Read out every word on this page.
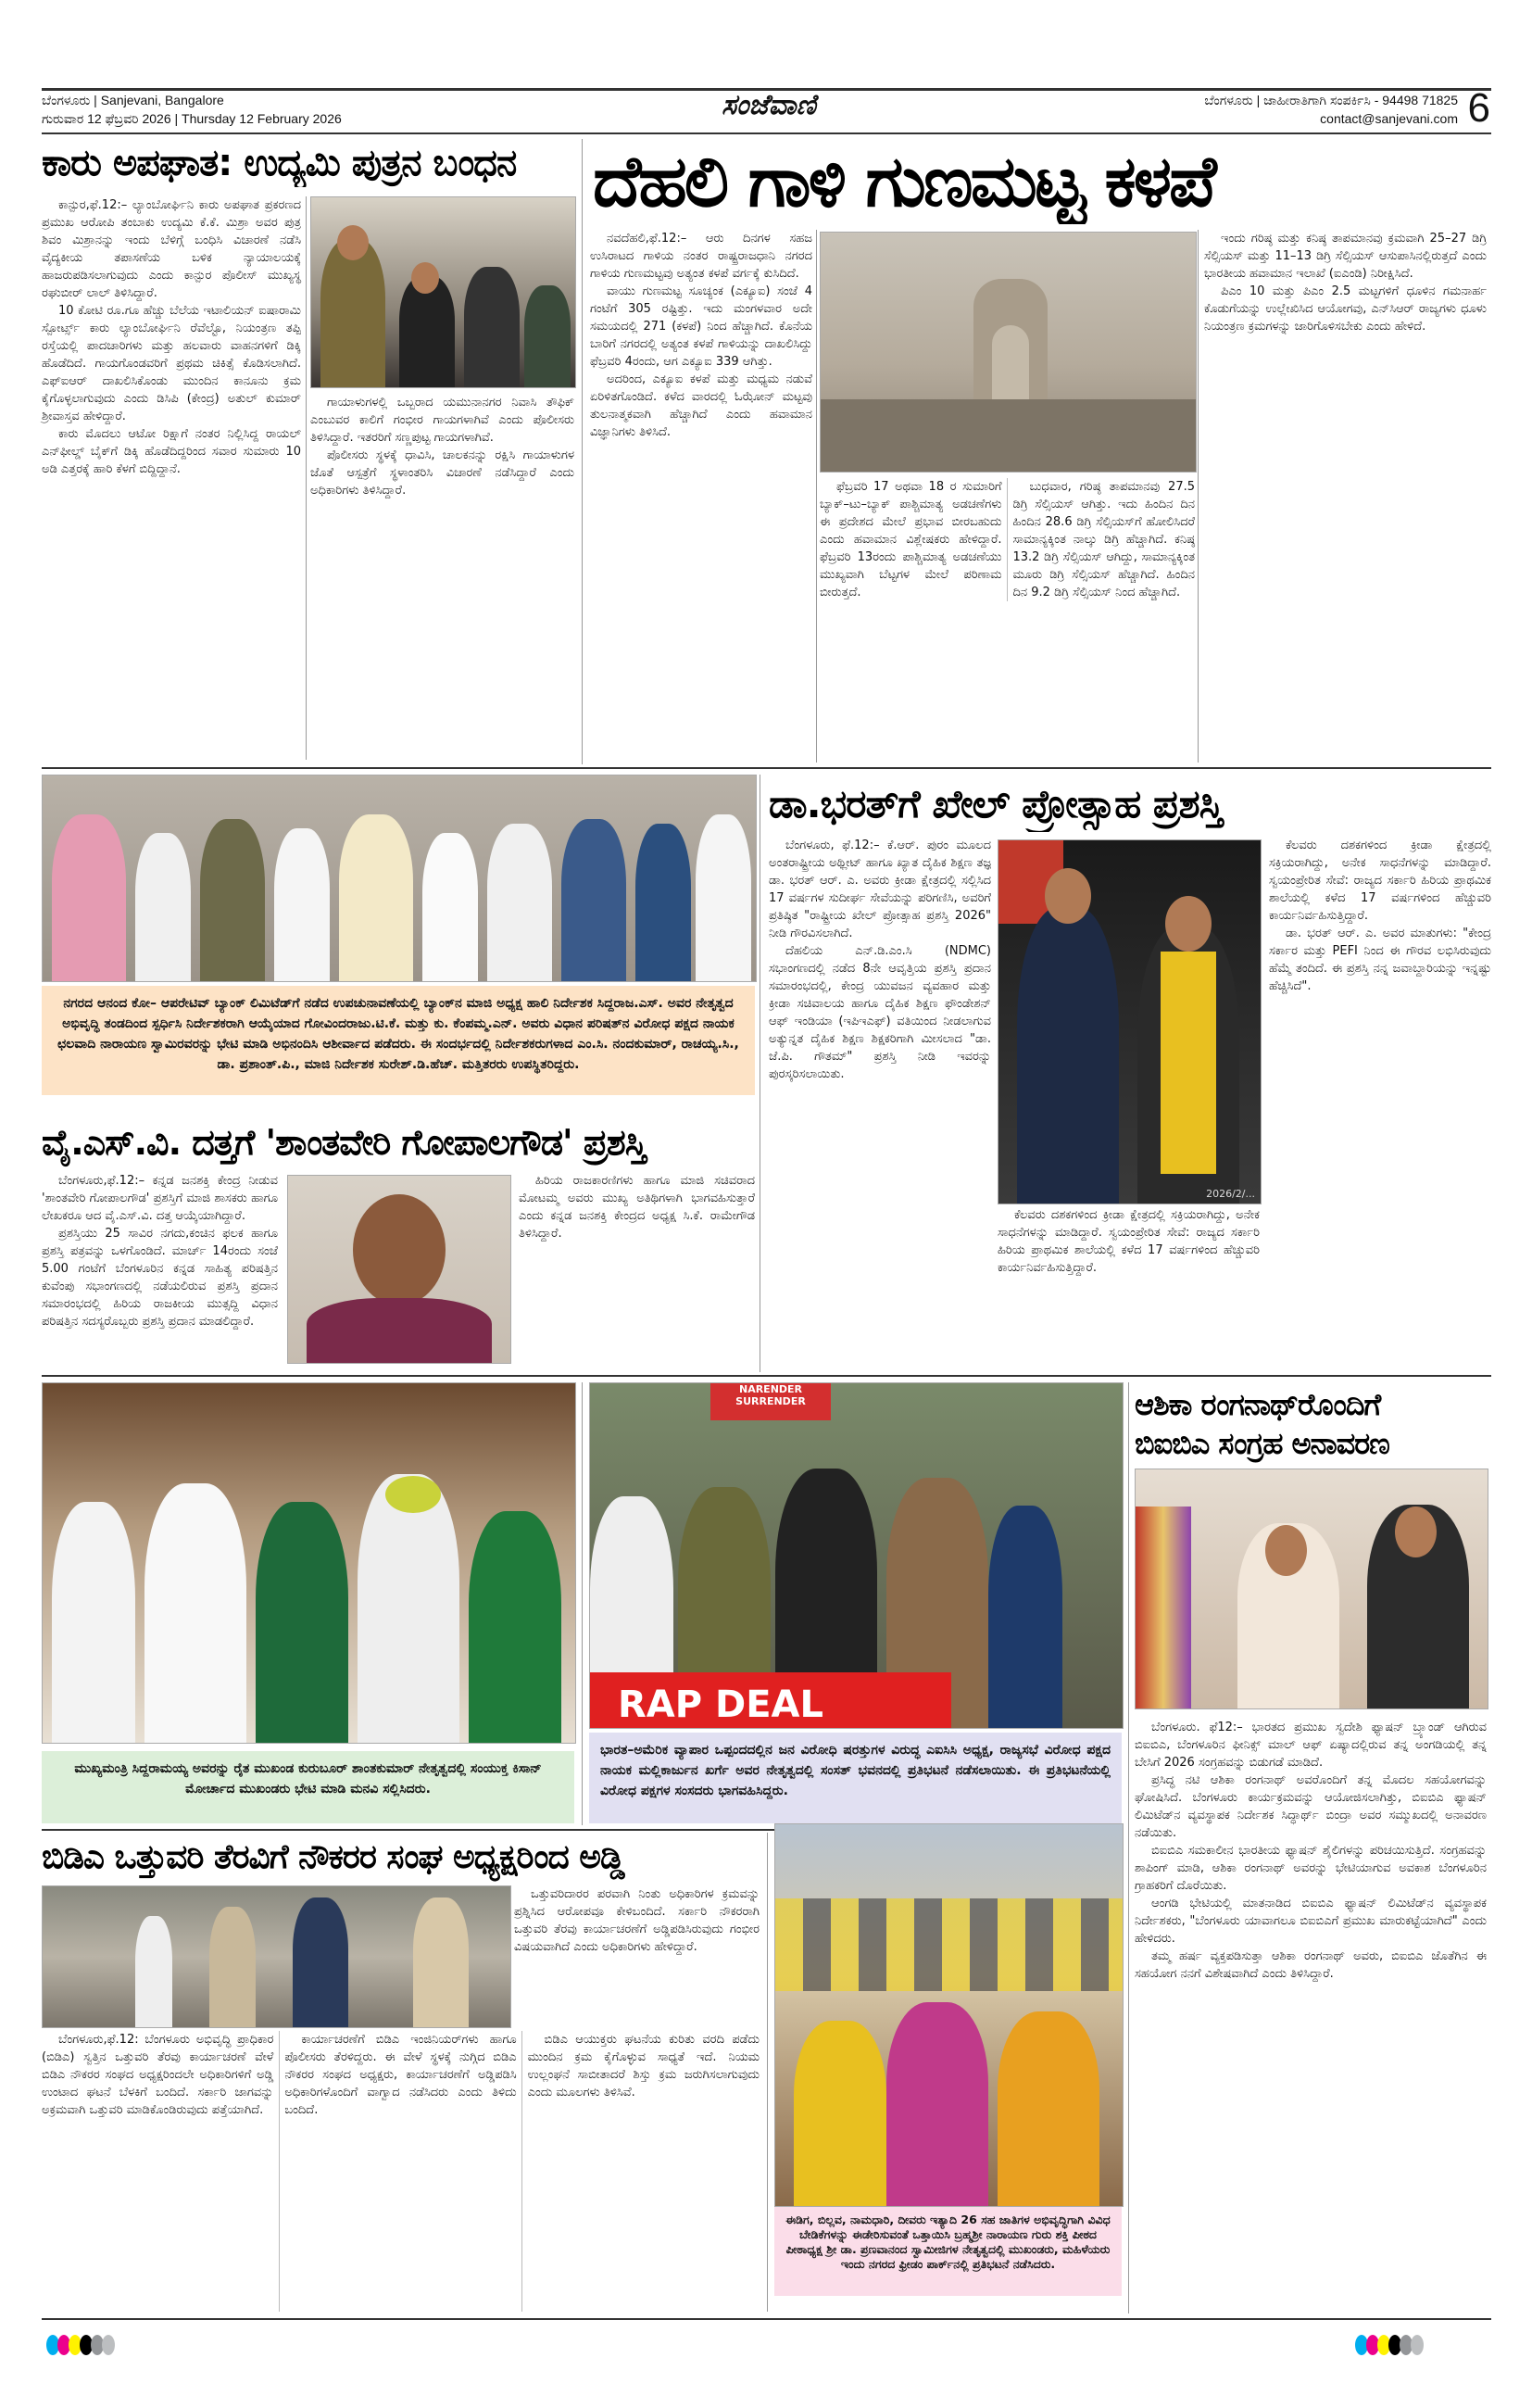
ಬೆಂಗಳೂರು | Sanjevani, Bangalore
ಗುರುವಾರ 12 ಫೆಬ್ರವರಿ 2026 | Thursday 12 February 2026	ಸಂಜೆವಾಣಿ	ಬೆಂಗಳೂರು | ಜಾಹೀರಾತಿಗಾಗಿ ಸಂಪರ್ಕಿಸಿ - 94498 71825
contact@sanjevani.com 6
ಕಾರು ಅಪಘಾತ: ಉದ್ಯಮಿ ಪುತ್ರನ ಬಂಧನ

ಕಾನ್ಪುರ,ಫೆ.12:– ಲ್ಯಾಂಬೋರ್ಘಿನಿ ಕಾರು ಅಪಘಾತ ಪ್ರಕರಣದ ಪ್ರಮುಖ ಆರೋಪಿ ತಂಬಾಕು ಉದ್ಯಮಿ ಕೆ.ಕೆ. ಮಿಶ್ರಾ ಅವರ ಪುತ್ರ ಶಿವಂ ಮಿಶ್ರಾನನ್ನು ಇಂದು ಬೆಳಿಗ್ಗೆ ಬಂಧಿಸಿ ವಿಚಾರಣೆ ನಡೆಸಿ ವೈದ್ಯಕೀಯ ತಪಾಸಣೆಯ ಬಳಿಕ ನ್ಯಾಯಾಲಯಕ್ಕೆ ಹಾಜರುಪಡಿಸಲಾಗುವುದು ಎಂದು ಕಾನ್ಪುರ ಪೊಲೀಸ್ ಮುಖ್ಯಸ್ಥ ರಘುಬೀರ್ ಲಾಲ್ ತಿಳಿಸಿದ್ದಾರೆ.

10 ಕೋಟಿ ರೂ.ಗೂ ಹೆಚ್ಚು ಬೆಲೆಯ ಇಟಾಲಿಯನ್ ಐಷಾರಾಮಿ ಸ್ಪೋರ್ಟ್ಸ್ ಕಾರು ಲ್ಯಾಂಬೋರ್ಘಿನಿ ರೆವೆಲ್ಟೊ, ನಿಯಂತ್ರಣ ತಪ್ಪಿ ರಸ್ತೆಯಲ್ಲಿ ಪಾದಚಾರಿಗಳು ಮತ್ತು ಹಲವಾರು ವಾಹನಗಳಿಗೆ ಡಿಕ್ಕಿ ಹೊಡೆದಿದೆ. ಗಾಯಗೊಂಡವರಿಗೆ ಪ್ರಥಮ ಚಿಕಿತ್ಸೆ ಕೊಡಿಸಲಾಗಿದೆ. ಎಫ್‌ಐಆರ್ ದಾಖಲಿಸಿಕೊಂಡು ಮುಂದಿನ ಕಾನೂನು ಕ್ರಮ ಕೈಗೊಳ್ಳಲಾಗುವುದು ಎಂದು ಡಿಸಿಪಿ (ಕೇಂದ್ರ) ಅತುಲ್ ಕುಮಾರ್ ಶ್ರೀವಾಸ್ತವ ಹೇಳಿದ್ದಾರೆ.

ಕಾರು ಮೊದಲು ಆಟೋ ರಿಕ್ಷಾಗೆ ನಂತರ ನಿಲ್ಲಿಸಿದ್ದ ರಾಯಲ್ ಎನ್‌ಫೀಲ್ಡ್ ಬೈಕ್‌ಗೆ ಡಿಕ್ಕಿ ಹೊಡೆದಿದ್ದರಿಂದ ಸವಾರ ಸುಮಾರು 10 ಅಡಿ ಎತ್ತರಕ್ಕೆ ಹಾರಿ ಕೆಳಗೆ ಬಿದ್ದಿದ್ದಾನೆ.

ಗಾಯಾಳುಗಳಲ್ಲಿ ಒಬ್ಬರಾದ ಯಮುನಾನಗರ ನಿವಾಸಿ ತೌಫಿಕ್ ಎಂಬುವರ ಕಾಲಿಗೆ ಗಂಭೀರ ಗಾಯಗಳಾಗಿವೆ ಎಂದು ಪೊಲೀಸರು ತಿಳಿಸಿದ್ದಾರೆ. ಇತರರಿಗೆ ಸಣ್ಣಪುಟ್ಟ ಗಾಯಗಳಾಗಿವೆ.

ಪೊಲೀಸರು ಸ್ಥಳಕ್ಕೆ ಧಾವಿಸಿ, ಚಾಲಕನನ್ನು ರಕ್ಷಿಸಿ ಗಾಯಾಳುಗಳ ಜೊತೆ ಆಸ್ಪತ್ರೆಗೆ ಸ್ಥಳಾಂತರಿಸಿ ವಿಚಾರಣೆ ನಡೆಸಿದ್ದಾರೆ ಎಂದು ಅಧಿಕಾರಿಗಳು ತಿಳಿಸಿದ್ದಾರೆ.

ದೆಹಲಿ ಗಾಳಿ ಗುಣಮಟ್ಟ ಕಳಪೆ

ನವದೆಹಲಿ,ಫೆ.12:– ಆರು ದಿನಗಳ ಸಹಜ ಉಸಿರಾಟದ ಗಾಳಿಯ ನಂತರ ರಾಷ್ಟ್ರರಾಜಧಾನಿ ನಗರದ ಗಾಳಿಯ ಗುಣಮಟ್ಟವು ಅತ್ಯಂತ ಕಳಪೆ ವರ್ಗಕ್ಕೆ ಕುಸಿದಿದೆ.

ವಾಯು ಗುಣಮಟ್ಟ ಸೂಚ್ಯಂಕ (ಎಕ್ಯೂಐ) ಸಂಜೆ 4 ಗಂಟೆಗೆ 305 ರಷ್ಟಿತ್ತು. ಇದು ಮಂಗಳವಾರ ಅದೇ ಸಮಯದಲ್ಲಿ 271 (ಕಳಪೆ) ನಿಂದ ಹೆಚ್ಚಾಗಿದೆ. ಕೊನೆಯ ಬಾರಿಗೆ ನಗರದಲ್ಲಿ ಅತ್ಯಂತ ಕಳಪೆ ಗಾಳಿಯನ್ನು ದಾಖಲಿಸಿದ್ದು ಫೆಬ್ರವರಿ 4ರಂದು, ಆಗ ಎಕ್ಯೂಐ 339 ಆಗಿತ್ತು.

ಅದರಿಂದ, ಎಕ್ಯೂಐ ಕಳಪೆ ಮತ್ತು ಮಧ್ಯಮ ನಡುವೆ ಏರಿಳಿತಗೊಂಡಿದೆ. ಕಳೆದ ವಾರದಲ್ಲಿ ಓಝೋನ್ ಮಟ್ಟವು ತುಲನಾತ್ಮಕವಾಗಿ ಹೆಚ್ಚಾಗಿದೆ ಎಂದು ಹವಾಮಾನ ವಿಜ್ಞಾನಿಗಳು ತಿಳಿಸಿದೆ.

ಫೆಬ್ರವರಿ 17 ಅಥವಾ 18 ರ ಸುಮಾರಿಗೆ ಬ್ಯಾಕ್–ಟು–ಬ್ಯಾಕ್ ಪಾಶ್ಚಿಮಾತ್ಯ ಅಡಚಣೆಗಳು ಈ ಪ್ರದೇಶದ ಮೇಲೆ ಪ್ರಭಾವ ಬೀರಬಹುದು ಎಂದು ಹವಾಮಾನ ವಿಶ್ಲೇಷಕರು ಹೇಳಿದ್ದಾರೆ. ಫೆಬ್ರವರಿ 13ರಂದು ಪಾಶ್ಚಿಮಾತ್ಯ ಅಡಚಣೆಯು ಮುಖ್ಯವಾಗಿ ಬೆಟ್ಟಗಳ ಮೇಲೆ ಪರಿಣಾಮ ಬೀರುತ್ತದೆ.

ಬುಧವಾರ, ಗರಿಷ್ಠ ತಾಪಮಾನವು 27.5 ಡಿಗ್ರಿ ಸೆಲ್ಸಿಯಸ್ ಆಗಿತ್ತು. ಇದು ಹಿಂದಿನ ದಿನ ಹಿಂದಿನ 28.6 ಡಿಗ್ರಿ ಸೆಲ್ಸಿಯಸ್‌ಗೆ ಹೋಲಿಸಿದರೆ ಸಾಮಾನ್ಯಕ್ಕಿಂತ ನಾಲ್ಕು ಡಿಗ್ರಿ ಹೆಚ್ಚಾಗಿದೆ. ಕನಿಷ್ಠ 13.2 ಡಿಗ್ರಿ ಸೆಲ್ಸಿಯಸ್ ಆಗಿದ್ದು, ಸಾಮಾನ್ಯಕ್ಕಿಂತ ಮೂರು ಡಿಗ್ರಿ ಸೆಲ್ಸಿಯಸ್ ಹೆಚ್ಚಾಗಿದೆ. ಹಿಂದಿನ ದಿನ 9.2 ಡಿಗ್ರಿ ಸೆಲ್ಸಿಯಸ್ ನಿಂದ ಹೆಚ್ಚಾಗಿದೆ.

ಇಂದು ಗರಿಷ್ಠ ಮತ್ತು ಕನಿಷ್ಠ ತಾಪಮಾನವು ಕ್ರಮವಾಗಿ 25–27 ಡಿಗ್ರಿ ಸೆಲ್ಸಿಯಸ್ ಮತ್ತು 11–13 ಡಿಗ್ರಿ ಸೆಲ್ಸಿಯಸ್ ಆಸುಪಾಸಿನಲ್ಲಿರುತ್ತದೆ ಎಂದು ಭಾರತೀಯ ಹವಾಮಾನ ಇಲಾಖೆ (ಐಎಂಡಿ) ನಿರೀಕ್ಷಿಸಿದೆ.

ಪಿಎಂ 10 ಮತ್ತು ಪಿಎಂ 2.5 ಮಟ್ಟಗಳಿಗೆ ಧೂಳಿನ ಗಮನಾರ್ಹ ಕೊಡುಗೆಯನ್ನು ಉಲ್ಲೇಖಿಸಿದ ಆಯೋಗವು, ಎನ್‌ಸಿಆರ್ ರಾಜ್ಯಗಳು ಧೂಳು ನಿಯಂತ್ರಣ ಕ್ರಮಗಳನ್ನು ಜಾರಿಗೊಳಿಸಬೇಕು ಎಂದು ಹೇಳಿದೆ.

ನಗರದ ಆನಂದ ಕೋ– ಆಪರೇಟಿವ್ ಬ್ಯಾಂಕ್ ಲಿಮಿಟೆಡ್‌ಗೆ ನಡೆದ ಉಪಚುನಾವಣೆಯಲ್ಲಿ ಬ್ಯಾಂಕ್‌ನ ಮಾಜಿ ಅಧ್ಯಕ್ಷ ಹಾಲಿ ನಿರ್ದೇಶಕ ಸಿದ್ದರಾಜ.ಎಸ್. ಅವರ ನೇತೃತ್ವದ ಅಭಿವೃದ್ಧಿ ತಂಡದಿಂದ ಸ್ಪರ್ಧಿಸಿ ನಿರ್ದೇಶಕರಾಗಿ ಆಯ್ಕೆಯಾದ ಗೋವಿಂದರಾಜು.ಟಿ.ಕೆ. ಮತ್ತು ಕು. ಕೆಂಪಮ್ಮ.ಎನ್. ಅವರು ವಿಧಾನ ಪರಿಷತ್‌ನ ವಿರೋಧ ಪಕ್ಷದ ನಾಯಕ ಛಲವಾದಿ ನಾರಾಯಣ ಸ್ವಾಮಿರವರನ್ನು ಭೇಟಿ ಮಾಡಿ ಅಭಿನಂದಿಸಿ ಆಶೀರ್ವಾದ ಪಡೆದರು. ಈ ಸಂದರ್ಭದಲ್ಲಿ ನಿರ್ದೇಶಕರುಗಳಾದ ಎಂ.ಸಿ. ನಂದಕುಮಾರ್, ರಾಚಯ್ಯ.ಸಿ., ಡಾ. ಪ್ರಶಾಂತ್.ಪಿ., ಮಾಜಿ ನಿರ್ದೇಶಕ ಸುರೇಶ್.ಡಿ.ಹೆಚ್. ಮತ್ತಿತರರು ಉಪಸ್ಥಿತರಿದ್ದರು.
ವೈ.ಎಸ್.ವಿ. ದತ್ತಗೆ 'ಶಾಂತವೇರಿ ಗೋಪಾಲಗೌಡ' ಪ್ರಶಸ್ತಿ

ಬೆಂಗಳೂರು,ಫೆ.12:– ಕನ್ನಡ ಜನಶಕ್ತಿ ಕೇಂದ್ರ ನೀಡುವ 'ಶಾಂತವೇರಿ ಗೋಪಾಲಗೌಡ' ಪ್ರಶಸ್ತಿಗೆ ಮಾಜಿ ಶಾಸಕರು ಹಾಗೂ ಲೇಖಕರೂ ಆದ ವೈ.ಎಸ್.ವಿ. ದತ್ತ ಆಯ್ಕೆಯಾಗಿದ್ದಾರೆ.

ಪ್ರಶಸ್ತಿಯು 25 ಸಾವಿರ ನಗದು,ಕಂಚಿನ ಫಲಕ ಹಾಗೂ ಪ್ರಶಸ್ತಿ ಪತ್ರವನ್ನು ಒಳಗೊಂಡಿದೆ. ಮಾರ್ಚ್ 14ರಂದು ಸಂಜೆ 5.00 ಗಂಟೆಗೆ ಬೆಂಗಳೂರಿನ ಕನ್ನಡ ಸಾಹಿತ್ಯ ಪರಿಷತ್ತಿನ ಕುವೆಂಪು ಸಭಾಂಗಣದಲ್ಲಿ ನಡೆಯಲಿರುವ ಪ್ರಶಸ್ತಿ ಪ್ರದಾನ ಸಮಾರಂಭದಲ್ಲಿ ಹಿರಿಯ ರಾಜಕೀಯ ಮುತ್ಸದ್ದಿ ವಿಧಾನ ಪರಿಷತ್ತಿನ ಸದಸ್ಯರೊಬ್ಬರು ಪ್ರಶಸ್ತಿ ಪ್ರದಾನ ಮಾಡಲಿದ್ದಾರೆ.

ಹಿರಿಯ ರಾಜಕಾರಣಿಗಳು ಹಾಗೂ ಮಾಜಿ ಸಚಿವರಾದ ಮೋಟಮ್ಮ ಅವರು ಮುಖ್ಯ ಅತಿಥಿಗಳಾಗಿ ಭಾಗವಹಿಸುತ್ತಾರೆ ಎಂದು ಕನ್ನಡ ಜನಶಕ್ತಿ ಕೇಂದ್ರದ ಅಧ್ಯಕ್ಷ ಸಿ.ಕೆ. ರಾಮೇಗೌಡ ತಿಳಿಸಿದ್ದಾರೆ.

ಡಾ.ಭರತ್‌ಗೆ ಖೇಲ್ ಪ್ರೋತ್ಸಾಹ ಪ್ರಶಸ್ತಿ

ಬೆಂಗಳೂರು, ಫೆ.12:– ಕೆ.ಆರ್. ಪುರಂ ಮೂಲದ ಅಂತರಾಷ್ಟ್ರೀಯ ಅಥ್ಲೀಟ್ ಹಾಗೂ ಖ್ಯಾತ ದೈಹಿಕ ಶಿಕ್ಷಣ ತಜ್ಞ ಡಾ. ಭರತ್ ಆರ್. ಎ. ಅವರು ಕ್ರೀಡಾ ಕ್ಷೇತ್ರದಲ್ಲಿ ಸಲ್ಲಿಸಿದ 17 ವರ್ಷಗಳ ಸುದೀರ್ಘ ಸೇವೆಯನ್ನು ಪರಿಗಣಿಸಿ, ಅವರಿಗೆ ಪ್ರತಿಷ್ಠಿತ "ರಾಷ್ಟ್ರೀಯ ಖೇಲ್ ಪ್ರೋತ್ಸಾಹ ಪ್ರಶಸ್ತಿ 2026" ನೀಡಿ ಗೌರವಿಸಲಾಗಿದೆ.

ದೆಹಲಿಯ ಎನ್.ಡಿ.ಎಂ.ಸಿ (NDMC) ಸಭಾಂಗಣದಲ್ಲಿ ನಡೆದ 8ನೇ ಆವೃತ್ತಿಯ ಪ್ರಶಸ್ತಿ ಪ್ರದಾನ ಸಮಾರಂಭದಲ್ಲಿ, ಕೇಂದ್ರ ಯುವಜನ ವ್ಯವಹಾರ ಮತ್ತು ಕ್ರೀಡಾ ಸಚಿವಾಲಯ ಹಾಗೂ ದೈಹಿಕ ಶಿಕ್ಷಣ ಫೌಂಡೇಶನ್ ಆಫ್ ಇಂಡಿಯಾ (ಇಪಿಇಎಫ್) ವತಿಯಿಂದ ನೀಡಲಾಗುವ ಅತ್ಯುನ್ನತ ದೈಹಿಕ ಶಿಕ್ಷಣ ಶಿಕ್ಷಕರಿಗಾಗಿ ಮೀಸಲಾದ "ಡಾ. ಜೆ.ಪಿ. ಗೌತಮ್" ಪ್ರಶಸ್ತಿ ನೀಡಿ ಇವರನ್ನು ಪುರಸ್ಕರಿಸಲಾಯಿತು.

2026/2/...

ಕೆಲವರು ದಶಕಗಳಿಂದ ಕ್ರೀಡಾ ಕ್ಷೇತ್ರದಲ್ಲಿ ಸಕ್ರಿಯರಾಗಿದ್ದು, ಅನೇಕ ಸಾಧನೆಗಳನ್ನು ಮಾಡಿದ್ದಾರೆ. ಸ್ವಯಂಪ್ರೇರಿತ ಸೇವೆ: ರಾಜ್ಯದ ಸರ್ಕಾರಿ ಹಿರಿಯ ಪ್ರಾಥಮಿಕ ಶಾಲೆಯಲ್ಲಿ ಕಳೆದ 17 ವರ್ಷಗಳಿಂದ ಹೆಚ್ಚುವರಿ ಕಾರ್ಯನಿರ್ವಹಿಸುತ್ತಿದ್ದಾರೆ.

ಕೆಲವರು ದಶಕಗಳಿಂದ ಕ್ರೀಡಾ ಕ್ಷೇತ್ರದಲ್ಲಿ ಸಕ್ರಿಯರಾಗಿದ್ದು, ಅನೇಕ ಸಾಧನೆಗಳನ್ನು ಮಾಡಿದ್ದಾರೆ. ಸ್ವಯಂಪ್ರೇರಿತ ಸೇವೆ: ರಾಜ್ಯದ ಸರ್ಕಾರಿ ಹಿರಿಯ ಪ್ರಾಥಮಿಕ ಶಾಲೆಯಲ್ಲಿ ಕಳೆದ 17 ವರ್ಷಗಳಿಂದ ಹೆಚ್ಚುವರಿ ಕಾರ್ಯನಿರ್ವಹಿಸುತ್ತಿದ್ದಾರೆ.

ಡಾ. ಭರತ್ ಆರ್. ಎ. ಅವರ ಮಾತುಗಳು: "ಕೇಂದ್ರ ಸರ್ಕಾರ ಮತ್ತು PEFI ನಿಂದ ಈ ಗೌರವ ಲಭಿಸಿರುವುದು ಹೆಮ್ಮೆ ತಂದಿದೆ. ಈ ಪ್ರಶಸ್ತಿ ನನ್ನ ಜವಾಬ್ದಾರಿಯನ್ನು ಇನ್ನಷ್ಟು ಹೆಚ್ಚಿಸಿದೆ".

ಮುಖ್ಯಮಂತ್ರಿ ಸಿದ್ದರಾಮಯ್ಯ ಅವರನ್ನು ರೈತ ಮುಖಂಡ ಕುರುಬೂರ್ ಶಾಂತಕುಮಾರ್ ನೇತೃತ್ವದಲ್ಲಿ ಸಂಯುಕ್ತ ಕಿಸಾನ್ ಮೋರ್ಚಾದ ಮುಖಂಡರು ಭೇಟಿ ಮಾಡಿ ಮನವಿ ಸಲ್ಲಿಸಿದರು.
NARENDER SURRENDER
RAP DEAL
ಭಾರತ–ಅಮೆರಿಕ ವ್ಯಾಪಾರ ಒಪ್ಪಂದದಲ್ಲಿನ ಜನ ವಿರೋಧಿ ಷರತ್ತುಗಳ ವಿರುದ್ಧ ಎಐಸಿಸಿ ಅಧ್ಯಕ್ಷ, ರಾಜ್ಯಸಭೆ ವಿರೋಧ ಪಕ್ಷದ ನಾಯಕ ಮಲ್ಲಿಕಾರ್ಜುನ ಖರ್ಗೆ ಅವರ ನೇತೃತ್ವದಲ್ಲಿ ಸಂಸತ್ ಭವನದಲ್ಲಿ ಪ್ರತಿಭಟನೆ ನಡೆಸಲಾಯಿತು. ಈ ಪ್ರತಿಭಟನೆಯಲ್ಲಿ ವಿರೋಧ ಪಕ್ಷಗಳ ಸಂಸದರು ಭಾಗವಹಿಸಿದ್ದರು.
ಆಶಿಕಾ ರಂಗನಾಥ್‌ರೊಂದಿಗೆ
ಬಿಐಬಿಎ ಸಂಗ್ರಹ ಅನಾವರಣ

ಬೆಂಗಳೂರು. ಫೆ12:– ಭಾರತದ ಪ್ರಮುಖ ಸ್ವದೇಶಿ ಫ್ಯಾಷನ್ ಬ್ರ್ಯಾಂಡ್ ಆಗಿರುವ ಬಿಐಬಿಎ, ಬೆಂಗಳೂರಿನ ಫೀನಿಕ್ಸ್ ಮಾಲ್ ಆಫ್ ಏಷ್ಯಾದಲ್ಲಿರುವ ತನ್ನ ಅಂಗಡಿಯಲ್ಲಿ ತನ್ನ ಬೇಸಿಗೆ 2026 ಸಂಗ್ರಹವನ್ನು ಬಿಡುಗಡೆ ಮಾಡಿದೆ.

ಪ್ರಸಿದ್ಧ ನಟಿ ಆಶಿಕಾ ರಂಗನಾಥ್ ಅವರೊಂದಿಗೆ ತನ್ನ ಮೊದಲ ಸಹಯೋಗವನ್ನು ಘೋಷಿಸಿದೆ. ಬೆಂಗಳೂರು ಕಾರ್ಯಕ್ರಮವನ್ನು ಆಯೋಜಿಸಲಾಗಿತ್ತು, ಬಿಐಬಿಎ ಫ್ಯಾಷನ್ ಲಿಮಿಟೆಡ್‌ನ ವ್ಯವಸ್ಥಾಪಕ ನಿರ್ದೇಶಕ ಸಿದ್ಧಾರ್ಥ್ ಬಿಂದ್ರಾ ಅವರ ಸಮ್ಮುಖದಲ್ಲಿ ಅನಾವರಣ ನಡೆಯಿತು.

ಬಿಐಬಿಎ ಸಮಕಾಲೀನ ಭಾರತೀಯ ಫ್ಯಾಷನ್ ಶೈಲಿಗಳನ್ನು ಪರಿಚಯಿಸುತ್ತಿದೆ. ಸಂಗ್ರಹವನ್ನು ಶಾಪಿಂಗ್ ಮಾಡಿ, ಆಶಿಕಾ ರಂಗನಾಥ್ ಅವರನ್ನು ಭೇಟಿಯಾಗುವ ಅವಕಾಶ ಬೆಂಗಳೂರಿನ ಗ್ರಾಹಕರಿಗೆ ದೊರೆಯಿತು.

ಆಂಗಡಿ ಭೇಟಿಯಲ್ಲಿ ಮಾತನಾಡಿದ ಬಿಐಬಿಎ ಫ್ಯಾಷನ್ ಲಿಮಿಟೆಡ್‌ನ ವ್ಯವಸ್ಥಾಪಕ ನಿರ್ದೇಶಕರು, "ಬೆಂಗಳೂರು ಯಾವಾಗಲೂ ಬಿಐಬಿಎಗೆ ಪ್ರಮುಖ ಮಾರುಕಟ್ಟೆಯಾಗಿದೆ" ಎಂದು ಹೇಳಿದರು.

ತಮ್ಮ ಹರ್ಷ ವ್ಯಕ್ತಪಡಿಸುತ್ತಾ ಆಶಿಕಾ ರಂಗನಾಥ್ ಅವರು, ಬಿಐಬಿಎ ಜೊತೆಗಿನ ಈ ಸಹಯೋಗ ನನಗೆ ವಿಶೇಷವಾಗಿದೆ ಎಂದು ತಿಳಿಸಿದ್ದಾರೆ.

ಬಿಡಿಎ ಒತ್ತುವರಿ ತೆರವಿಗೆ ನೌಕರರ ಸಂಘ ಅಧ್ಯಕ್ಷರಿಂದ ಅಡ್ಡಿ

ಒತ್ತುವರಿದಾರರ ಪರವಾಗಿ ನಿಂತು ಅಧಿಕಾರಿಗಳ ಕ್ರಮವನ್ನು ಪ್ರಶ್ನಿಸಿದ ಆರೋಪವೂ ಕೇಳಿಬಂದಿದೆ. ಸರ್ಕಾರಿ ನೌಕರರಾಗಿ ಒತ್ತುವರಿ ತೆರವು ಕಾರ್ಯಾಚರಣೆಗೆ ಅಡ್ಡಿಪಡಿಸಿರುವುದು ಗಂಭೀರ ವಿಷಯವಾಗಿದೆ ಎಂದು ಅಧಿಕಾರಿಗಳು ಹೇಳಿದ್ದಾರೆ.

ಬೆಂಗಳೂರು,ಫೆ.12: ಬೆಂಗಳೂರು ಅಭಿವೃದ್ಧಿ ಪ್ರಾಧಿಕಾರ (ಬಿಡಿಎ) ಸ್ವತ್ತಿನ ಒತ್ತುವರಿ ತೆರವು ಕಾರ್ಯಾಚರಣೆ ವೇಳೆ ಬಿಡಿಎ ನೌಕರರ ಸಂಘದ ಅಧ್ಯಕ್ಷರಿಂದಲೇ ಅಧಿಕಾರಿಗಳಿಗೆ ಅಡ್ಡಿ ಉಂಟಾದ ಘಟನೆ ಬೆಳಕಿಗೆ ಬಂದಿದೆ. ಸರ್ಕಾರಿ ಜಾಗವನ್ನು ಅಕ್ರಮವಾಗಿ ಒತ್ತುವರಿ ಮಾಡಿಕೊಂಡಿರುವುದು ಪತ್ತೆಯಾಗಿದೆ.

ಕಾರ್ಯಾಚರಣೆಗೆ ಬಿಡಿಎ ಇಂಜಿನಿಯರ್‌ಗಳು ಹಾಗೂ ಪೊಲೀಸರು ತೆರಳಿದ್ದರು. ಈ ವೇಳೆ ಸ್ಥಳಕ್ಕೆ ನುಗ್ಗಿದ ಬಿಡಿಎ ನೌಕರರ ಸಂಘದ ಅಧ್ಯಕ್ಷರು, ಕಾರ್ಯಾಚರಣೆಗೆ ಅಡ್ಡಿಪಡಿಸಿ ಅಧಿಕಾರಿಗಳೊಂದಿಗೆ ವಾಗ್ವಾದ ನಡೆಸಿದರು ಎಂದು ತಿಳಿದು ಬಂದಿದೆ.

ಬಿಡಿಎ ಆಯುಕ್ತರು ಘಟನೆಯ ಕುರಿತು ವರದಿ ಪಡೆದು ಮುಂದಿನ ಕ್ರಮ ಕೈಗೊಳ್ಳುವ ಸಾಧ್ಯತೆ ಇದೆ. ನಿಯಮ ಉಲ್ಲಂಘನೆ ಸಾಬೀತಾದರೆ ಶಿಸ್ತು ಕ್ರಮ ಜರುಗಿಸಲಾಗುವುದು ಎಂದು ಮೂಲಗಳು ತಿಳಿಸಿವೆ.

ಈಡಿಗ, ಬಿಲ್ಲವ, ನಾಮಧಾರಿ, ದೀವರು ಇತ್ಯಾದಿ 26 ಸಹ ಜಾತಿಗಳ ಅಭಿವೃದ್ಧಿಗಾಗಿ ವಿವಿಧ ಬೇಡಿಕೆಗಳನ್ನು ಈಡೇರಿಸುವಂತೆ ಒತ್ತಾಯಿಸಿ ಬ್ರಹ್ಮಶ್ರೀ ನಾರಾಯಣ ಗುರು ಶಕ್ತಿ ಪೀಠದ ಪೀಠಾಧ್ಯಕ್ಷ ಶ್ರೀ ಡಾ. ಪ್ರಣವಾನಂದ ಸ್ವಾಮೀಜಿಗಳ ನೇತೃತ್ವದಲ್ಲಿ ಮುಖಂಡರು, ಮಹಿಳೆಯರು ಇಂದು ನಗರದ ಫ್ರೀಡಂ ಪಾರ್ಕ್‌ನಲ್ಲಿ ಪ್ರತಿಭಟನೆ ನಡೆಸಿದರು.
